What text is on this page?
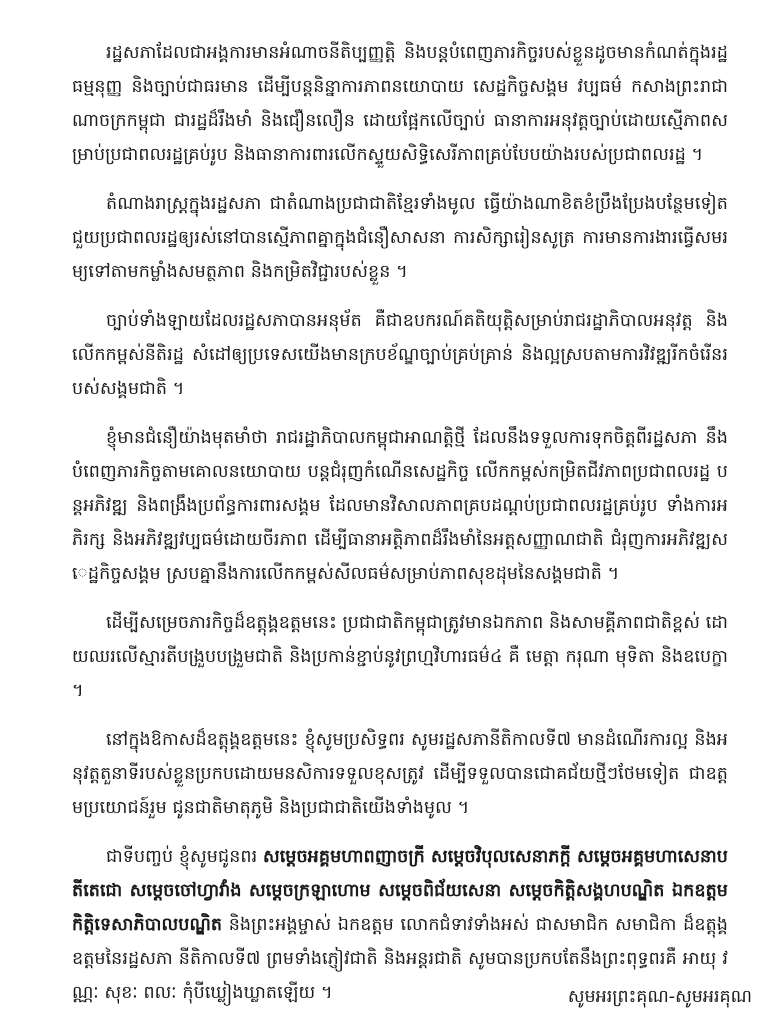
រដ្ឋសភាដែលជាអង្គការមានអំណាចនីតិប្បញ្ញត្តិ និងបន្តបំពេញភារកិច្ចរបស់ខ្លួនដូចមានកំណត់ក្នុងរដ្ឋធម្មនុញ្ញ និងច្បាប់ជាធរមាន ដើម្បីបន្តនិន្នាការភាពនយោបាយ សេដ្ឋកិច្ចសង្គម វប្បធម៌ កសាងព្រះរាជាណាចក្រកម្ពុជា ជារដ្ឋដ៏រឹងមាំ និងជឿនលឿន ដោយផ្អែកលើច្បាប់ ធានាការអនុវត្តច្បាប់ដោយស្មើភាពសម្រាប់ប្រជាពលរដ្ឋគ្រប់រូប និងធានាការពារលើកស្ទួយសិទ្ធិសេរីភាពគ្រប់បែបយ៉ាងរបស់ប្រជាពលរដ្ឋ ។

តំណាងរាស្ត្រក្នុងរដ្ឋសភា ជាតំណាងប្រជាជាតិខ្មែរទាំងមូល ធ្វើយ៉ាងណាខិតខំប្រឹងប្រែងបន្ថែមទៀតជួយប្រជាពលរដ្ឋឲ្យរស់នៅបានស្មើភាពគ្នាក្នុងជំនឿសាសនា ការសិក្សារៀនសូត្រ ការមានការងារធ្វើសមរម្យទៅតាមកម្លាំងសមត្ថភាព និងកម្រិតវិជ្ជារបស់ខ្លួន ។

ច្បាប់ទាំងឡាយដែលរដ្ឋសភាបានអនុម័ត គឺជាឧបករណ៍គតិយុត្តិសម្រាប់រាជរដ្ឋាភិបាលអនុវត្ត និងលើកកម្ពស់នីតិរដ្ឋ សំដៅឲ្យប្រទេសយើងមានក្របខ័ណ្ឌច្បាប់គ្រប់គ្រាន់ និងល្អស្របតាមការវិវឌ្ឍរីកចំរើនរបស់សង្គមជាតិ ។

ខ្ញុំមានជំនឿយ៉ាងមុតមាំថា រាជរដ្ឋាភិបាលកម្ពុជាអាណត្តិថ្មី ដែលនឹងទទួលការទុកចិត្តពីរដ្ឋសភា នឹងបំពេញភារកិច្ចតាមគោលនយោបាយ បន្តជំរុញកំណើនសេដ្ឋកិច្ច លើកកម្ពស់កម្រិតជីវភាពប្រជាពលរដ្ឋ បន្តអភិវឌ្ឍ និងពង្រឹងប្រព័ន្ធការពារសង្គម ដែលមានវិសាលភាពគ្របដណ្តប់ប្រជាពលរដ្ឋគ្រប់រូប ទាំងការអភិរក្ស និងអភិវឌ្ឍវប្បធម៌ដោយចីរភាព ដើម្បីធានាអត្តិភាពដ៏រឹងមាំនៃអត្តសញ្ញាណជាតិ ជំរុញការអភិវឌ្ឍសេដ្ឋកិច្ចសង្គម ស្របគ្នានឹងការលើកកម្ពស់សីលធម៌សម្រាប់ភាពសុខដុមនៃសង្គមជាតិ ។

ដើម្បីសម្រេចភារកិច្ចដ៏ឧត្តុង្គឧត្តមនេះ ប្រជាជាតិកម្ពុជាត្រូវមានឯកភាព និងសាមគ្គីភាពជាតិខ្ពស់ ដោយឈរលើស្មារតីបង្រួបបង្រួមជាតិ និងប្រកាន់ខ្ជាប់នូវព្រហ្មវិហារធម៌៤ គឺ មេត្តា ករុណា មុទិតា និងឧបេក្ខា ។

នៅក្នុងឱកាសដ៏ឧត្តុង្គឧត្តមនេះ ខ្ញុំសូមប្រសិទ្ធពរ សូមរដ្ឋសភានីតិកាលទី៧ មានដំណើរការល្អ និងអនុវត្តតួនាទីរបស់ខ្លួនប្រកបដោយមនសិការទទួលខុសត្រូវ ដើម្បីទទួលបានជោគជ័យថ្មីៗថែមទៀត ជាឧត្តមប្រយោជន៍រួម ជូនជាតិមាតុភូមិ និងប្រជាជាតិយើងទាំងមូល ។

ជាទីបញ្ចប់ ខ្ញុំសូមជូនពរ សម្តេចអគ្គមហាពញាចក្រី សម្តេចវិបុលសេនាភក្តី សម្តេចអគ្គមហាសេនាបតីតេជោ សម្តេចចៅហ្វាវាំង សម្តេចក្រឡាហោម សម្តេចពិជ័យសេនា សម្តេចកិត្តិសង្គហបណ្ឌិត ឯកឧត្តមកិត្តិទេសាភិបាលបណ្ឌិត និងព្រះអង្គម្ចាស់ ឯកឧត្តម លោកជំទាវទាំងអស់ ជាសមាជិក សមាជិកា ដ៏ឧត្តុង្គឧត្តមនៃរដ្ឋសភា នីតិកាលទី៧ ព្រមទាំងភ្ញៀវជាតិ និងអន្តរជាតិ សូមបានប្រកបតែនឹងព្រះពុទ្ធពរគឺ អាយុ វណ្ណៈ សុខៈ ពលៈ កុំបីឃ្លៀងឃ្លាតឡើយ ។	សូមអរព្រះគុណ-សូមអរគុណ
